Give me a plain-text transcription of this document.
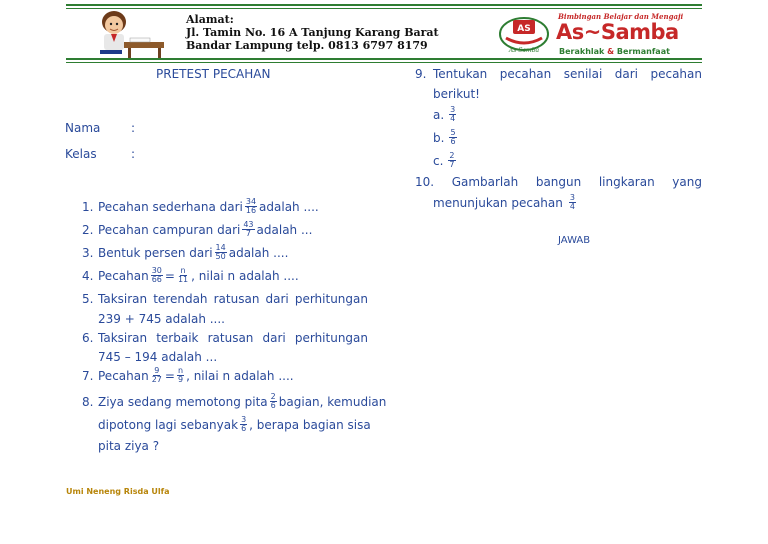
Alamat:
Jl. Tamin No. 16 A Tanjung Karang Barat
Bandar Lampung telp. 0813 6797 8179
AS
As-Samba
Bimbingan Belajar dan Mengaji
As~Samba
Berakhlak & Bermanfaat
PRETEST PECAHAN
Nama	:
Kelas	:
1. Pecahan sederhana dari 34
16 adalah ....
2. Pecahan campuran dari 43
7 adalah ...
3. Bentuk persen dari 14
50 adalah ....
4. Pecahan $\frac{30}{66} = \frac{n}{11}$ , nilai n adalah ....
5. Taksiran terendah ratusan dari perhitungan
239 + 745 adalah ....
6. Taksiran terbaik ratusan dari perhitungan
745 – 194 adalah ...
7. Pecahan $\frac{9}{27} = \frac{n}{9}$ , nilai n adalah ....
8. Ziya sedang memotong pita 2
6 bagian, kemudian
dipotong lagi sebanyak 3
6 , berapa bagian sisa
pita ziya ?
9. Tentukan pecahan senilai dari pecahan
berikut!
a. 3
4
b. 5
6
c. 2
7
10. Gambarlah bangun lingkaran yang
menunjukan pecahan 3
4
JAWAB
Umi Neneng Risda Ulfa
